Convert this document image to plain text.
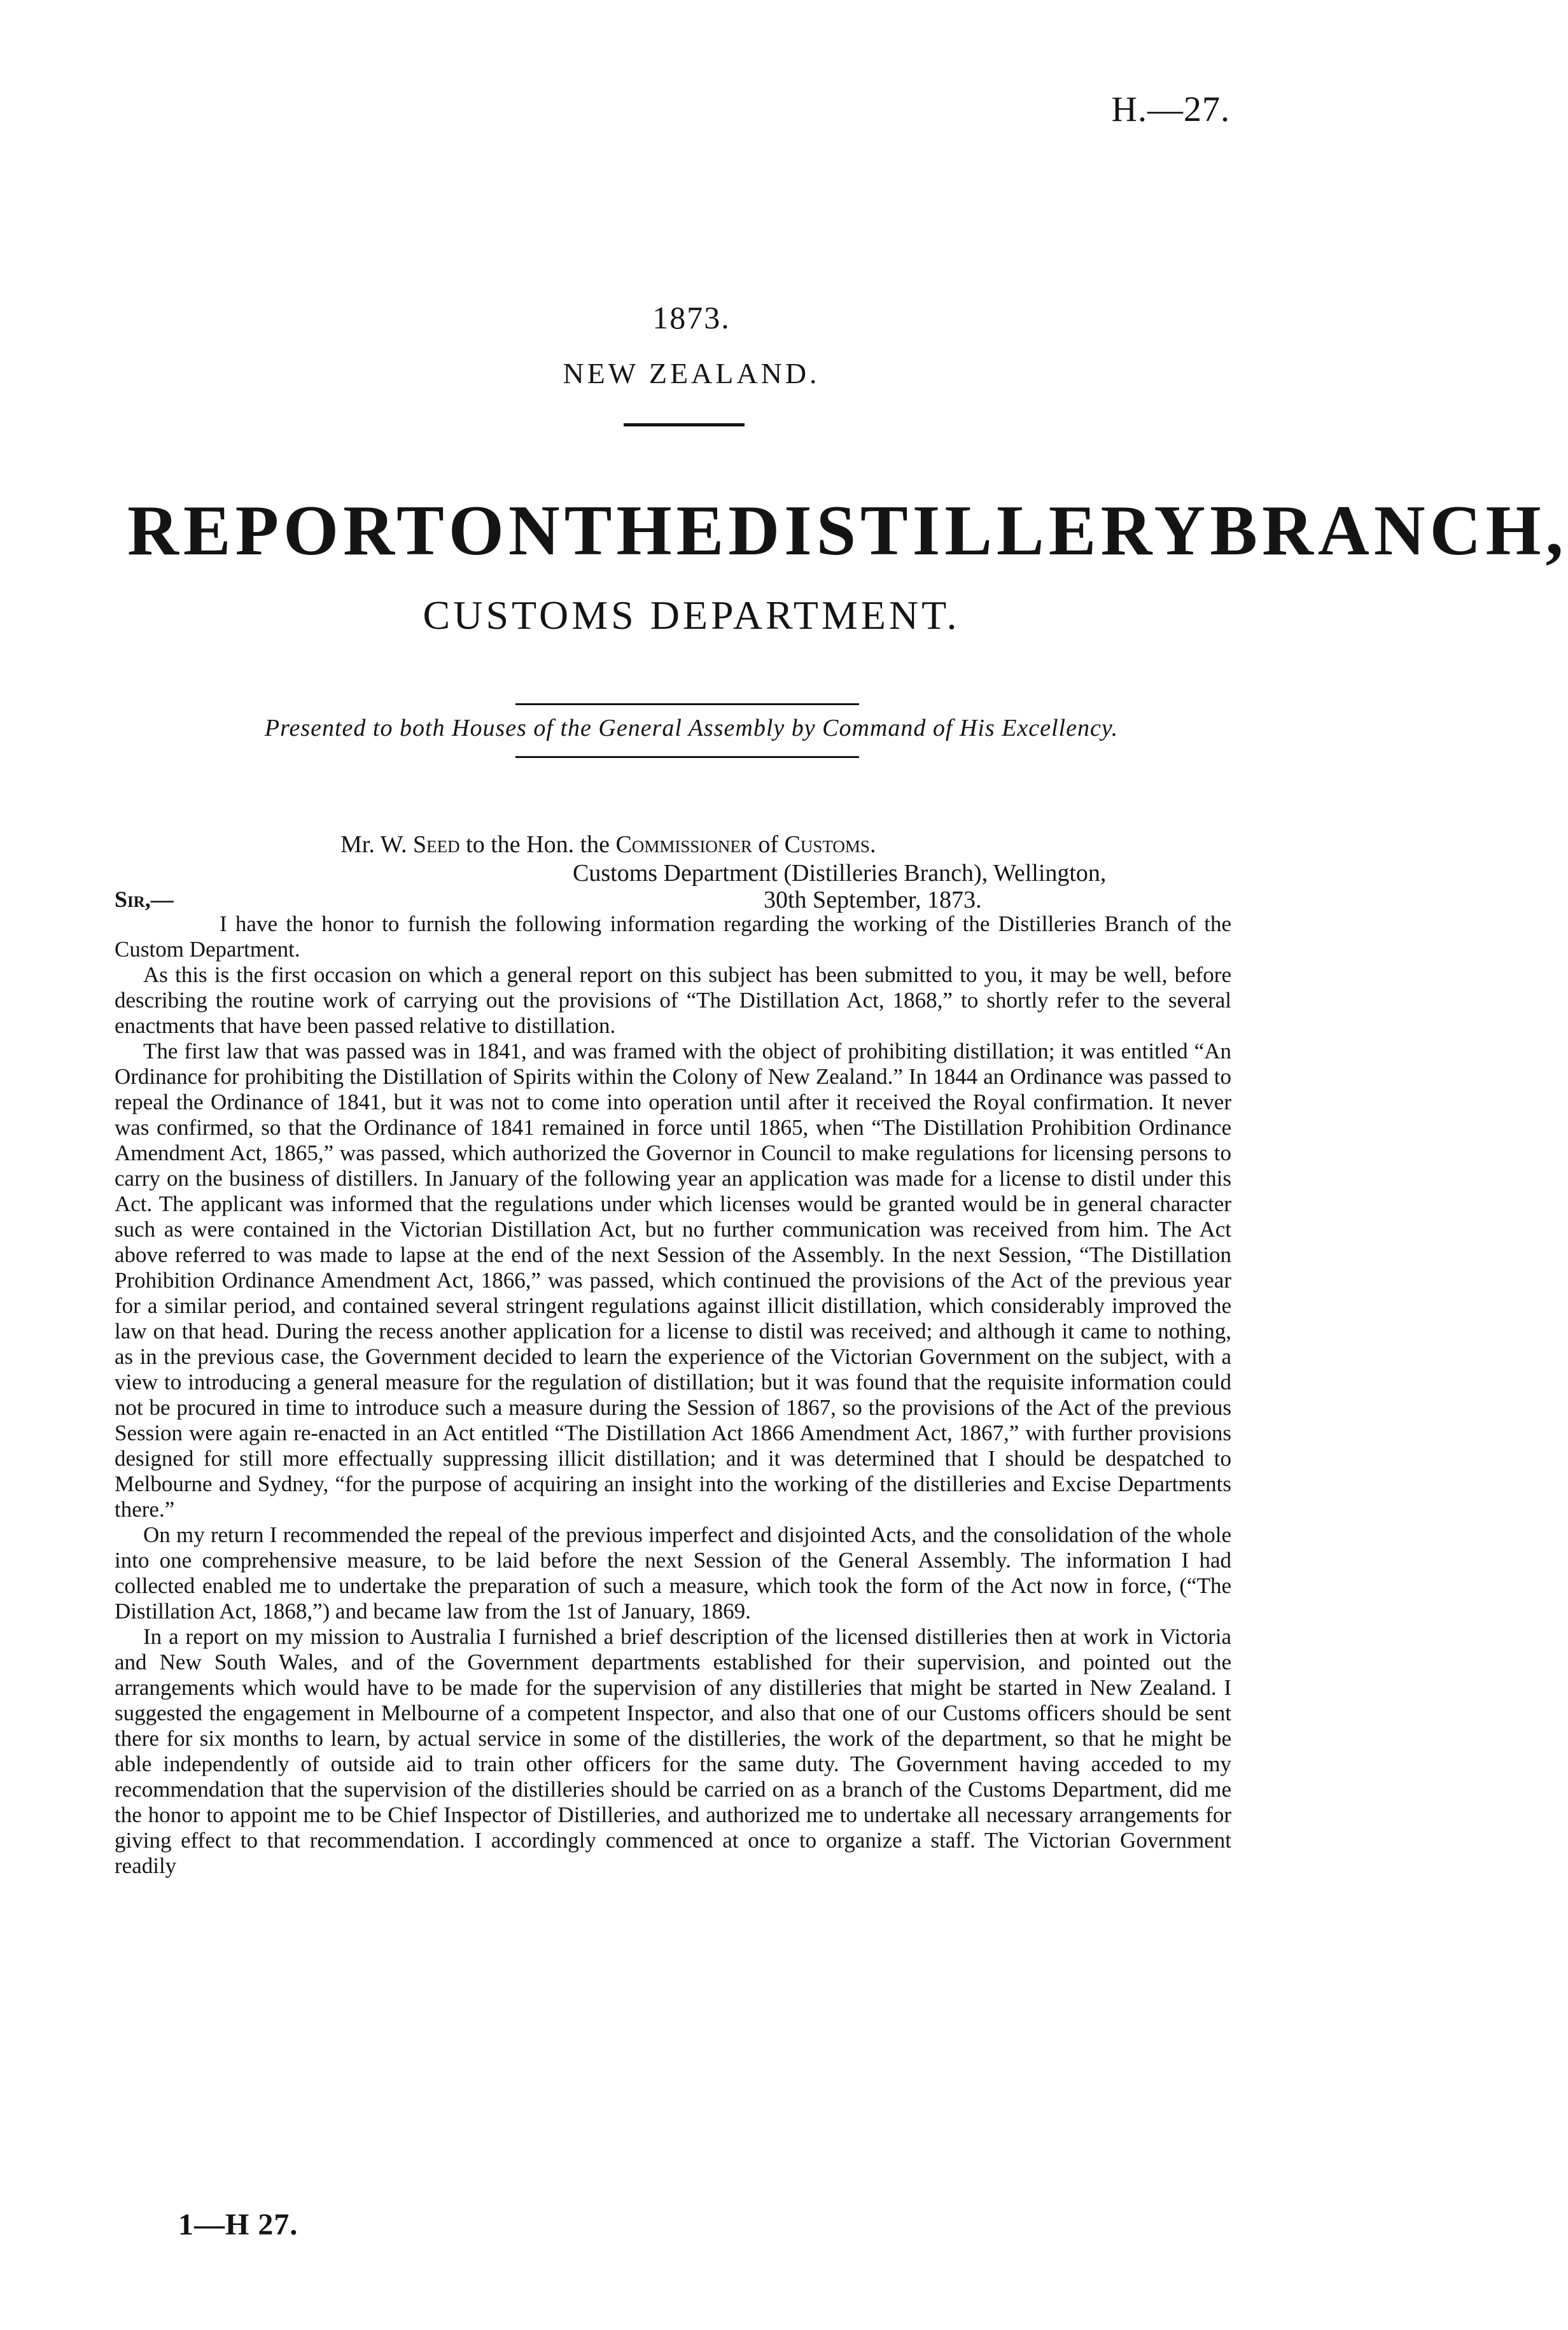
H.—27.
1873.
NEW ZEALAND.
REPORT ON THE DISTILLERY BRANCH,
CUSTOMS DEPARTMENT.
Presented to both Houses of the General Assembly by Command of His Excellency.
Mr. W. Seed to the Hon. the Commissioner of Customs.
Customs Department (Distilleries Branch), Wellington,
Sir,—	30th September, 1873.

I have the honor to furnish the following information regarding the working of the Distilleries Branch of the Custom Department.

As this is the first occasion on which a general report on this subject has been submitted to you, it may be well, before describing the routine work of carrying out the provisions of “The Distillation Act, 1868,” to shortly refer to the several enactments that have been passed relative to distillation.

The first law that was passed was in 1841, and was framed with the object of prohibiting distillation; it was entitled “An Ordinance for prohibiting the Distillation of Spirits within the Colony of New Zealand.” In 1844 an Ordinance was passed to repeal the Ordinance of 1841, but it was not to come into operation until after it received the Royal confirmation. It never was confirmed, so that the Ordinance of 1841 remained in force until 1865, when “The Distillation Prohibition Ordinance Amendment Act, 1865,” was passed, which authorized the Governor in Council to make regulations for licensing persons to carry on the business of distillers. In January of the following year an application was made for a license to distil under this Act. The applicant was informed that the regulations under which licenses would be granted would be in general character such as were contained in the Victorian Distillation Act, but no further communication was received from him. The Act above referred to was made to lapse at the end of the next Session of the Assembly. In the next Session, “The Distillation Prohibition Ordinance Amendment Act, 1866,” was passed, which continued the provisions of the Act of the previous year for a similar period, and contained several stringent regulations against illicit distillation, which considerably improved the law on that head. During the recess another application for a license to distil was received; and although it came to nothing, as in the previous case, the Government decided to learn the experience of the Victorian Government on the subject, with a view to introducing a general measure for the regulation of distillation; but it was found that the requisite information could not be procured in time to introduce such a measure during the Session of 1867, so the provisions of the Act of the previous Session were again re-enacted in an Act entitled “The Distillation Act 1866 Amendment Act, 1867,” with further provisions designed for still more effectually suppressing illicit distillation; and it was determined that I should be despatched to Melbourne and Sydney, “for the purpose of acquiring an insight into the working of the distilleries and Excise Departments there.”

On my return I recommended the repeal of the previous imperfect and disjointed Acts, and the consolidation of the whole into one comprehensive measure, to be laid before the next Session of the General Assembly. The information I had collected enabled me to undertake the preparation of such a measure, which took the form of the Act now in force, (“The Distillation Act, 1868,”) and became law from the 1st of January, 1869.

In a report on my mission to Australia I furnished a brief description of the licensed distilleries then at work in Victoria and New South Wales, and of the Government departments established for their supervision, and pointed out the arrangements which would have to be made for the supervision of any distilleries that might be started in New Zealand. I suggested the engagement in Melbourne of a competent Inspector, and also that one of our Customs officers should be sent there for six months to learn, by actual service in some of the distilleries, the work of the department, so that he might be able independently of outside aid to train other officers for the same duty. The Government having acceded to my recommendation that the supervision of the distilleries should be carried on as a branch of the Customs Department, did me the honor to appoint me to be Chief Inspector of Distilleries, and authorized me to undertake all necessary arrangements for giving effect to that recommendation. I accordingly commenced at once to organize a staff. The Victorian Government readily

1—H 27.
